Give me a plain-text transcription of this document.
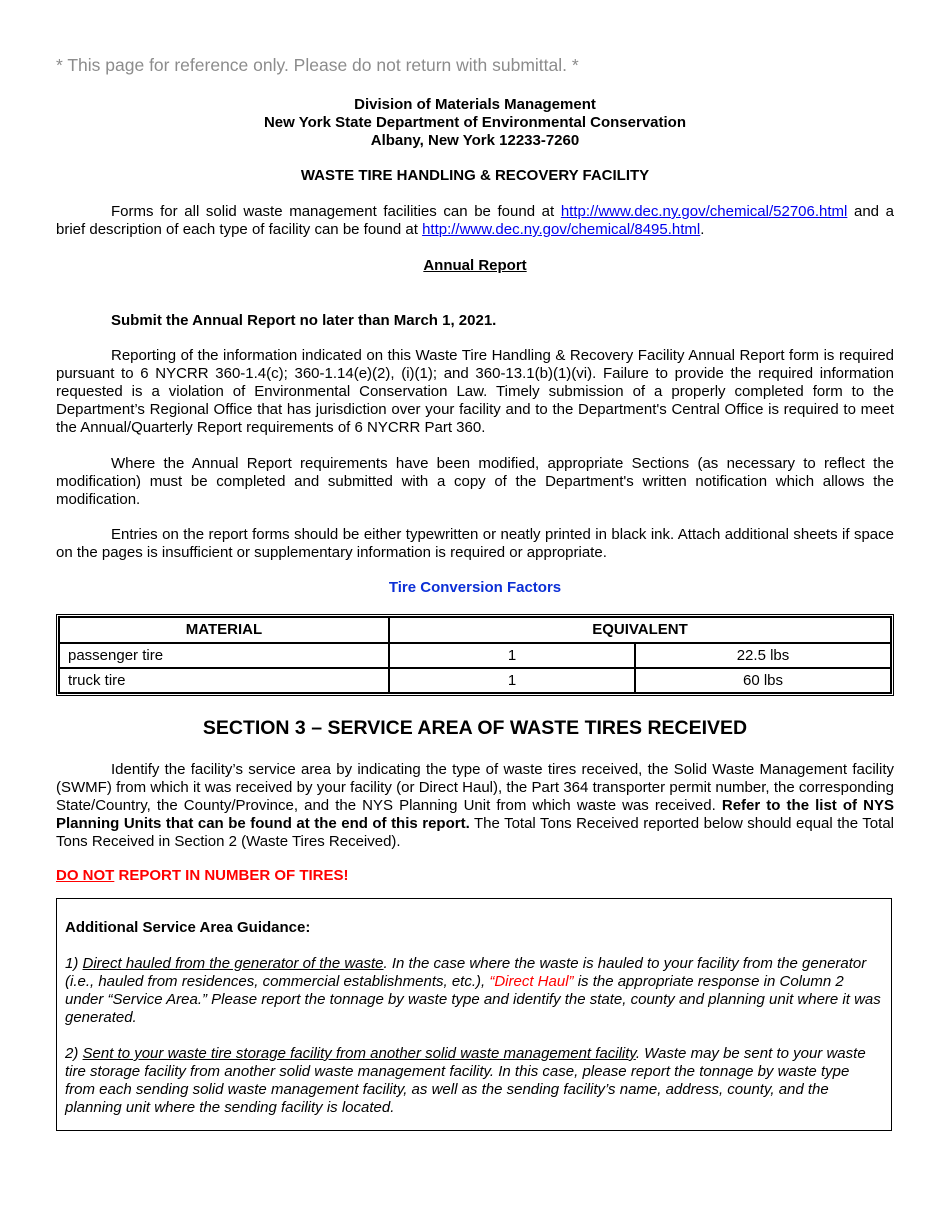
* This page for reference only. Please do not return with submittal. *
Division of Materials Management
New York State Department of Environmental Conservation
Albany, New York 12233-7260
WASTE TIRE HANDLING & RECOVERY FACILITY
Forms for all solid waste management facilities can be found at http://www.dec.ny.gov/chemical/52706.html and a brief description of each type of facility can be found at http://www.dec.ny.gov/chemical/8495.html.
Annual Report
Submit the Annual Report no later than March 1, 2021.
Reporting of the information indicated on this Waste Tire Handling & Recovery Facility Annual Report form is required pursuant to 6 NYCRR 360-1.4(c); 360-1.14(e)(2), (i)(1); and 360-13.1(b)(1)(vi). Failure to provide the required information requested is a violation of Environmental Conservation Law. Timely submission of a properly completed form to the Department’s Regional Office that has jurisdiction over your facility and to the Department's Central Office is required to meet the Annual/Quarterly Report requirements of 6 NYCRR Part 360.
Where the Annual Report requirements have been modified, appropriate Sections (as necessary to reflect the modification) must be completed and submitted with a copy of the Department's written notification which allows the modification.
Entries on the report forms should be either typewritten or neatly printed in black ink. Attach additional sheets if space on the pages is insufficient or supplementary information is required or appropriate.
Tire Conversion Factors
MATERIAL	EQUIVALENT	
passenger tire	1	22.5 lbs
truck tire	1	60 lbs
SECTION 3 – SERVICE AREA OF WASTE TIRES RECEIVED
Identify the facility’s service area by indicating the type of waste tires received, the Solid Waste Management facility (SWMF) from which it was received by your facility (or Direct Haul), the Part 364 transporter permit number, the corresponding State/Country, the County/Province, and the NYS Planning Unit from which waste was received. Refer to the list of NYS Planning Units that can be found at the end of this report. The Total Tons Received reported below should equal the Total Tons Received in Section 2 (Waste Tires Received).
DO NOT REPORT IN NUMBER OF TIRES!
Additional Service Area Guidance:

1) Direct hauled from the generator of the waste. In the case where the waste is hauled to your facility from the generator (i.e., hauled from residences, commercial establishments, etc.), “Direct Haul” is the appropriate response in Column 2 under “Service Area.” Please report the tonnage by waste type and identify the state, county and planning unit where it was generated.

2) Sent to your waste tire storage facility from another solid waste management facility. Waste may be sent to your waste tire storage facility from another solid waste management facility. In this case, please report the tonnage by waste type from each sending solid waste management facility, as well as the sending facility’s name, address, county, and the planning unit where the sending facility is located.
